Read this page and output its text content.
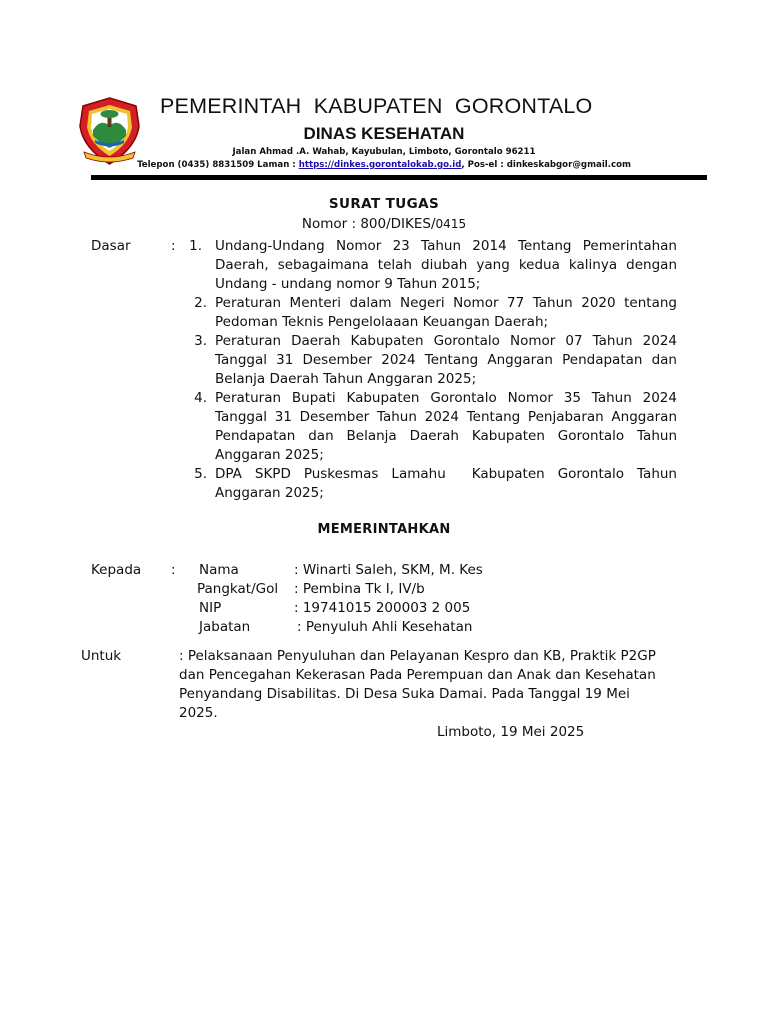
PEMERINTAH  KABUPATEN  GORONTALO
DINAS KESEHATAN
Jalan Ahmad .A. Wahab, Kayubulan, Limboto, Gorontalo 96211
Telepon (0435) 8831509 Laman : https://dinkes.gorontalokab.go.id, Pos-el : dinkeskabgor@gmail.com
SURAT TUGAS
Nomor : 800/DIKES/0415
Dasar	:	1. Undang-Undang Nomor 23 Tahun 2014 Tentang Pemerintahan
Daerah, sebagaimana telah diubah yang kedua kalinya dengan
Undang - undang nomor 9 Tahun 2015;
2. Peraturan Menteri dalam Negeri Nomor 77 Tahun 2020 tentang
Pedoman Teknis Pengelolaaan Keuangan Daerah;
3. Peraturan Daerah Kabupaten Gorontalo Nomor 07 Tahun 2024
Tanggal 31 Desember 2024 Tentang Anggaran Pendapatan dan
Belanja Daerah Tahun Anggaran 2025;
4. Peraturan Bupati Kabupaten Gorontalo Nomor 35 Tahun 2024
Tanggal 31 Desember Tahun 2024 Tentang Penjabaran Anggaran
Pendapatan dan Belanja Daerah Kabupaten Gorontalo Tahun
Anggaran 2025;
5. DPA SKPD Puskesmas Lamahu  Kabupaten Gorontalo Tahun
Anggaran 2025;
MEMERINTAHKAN
Kepada : Nama	: Winarti Saleh, SKM, M. Kes
Pangkat/Gol : Pembina Tk I, IV/b
NIP	: 19741015 200003 2 005
Jabatan	: Penyuluh Ahli Kesehatan
Untuk	: Pelaksanaan Penyuluhan dan Pelayanan Kespro dan KB, Praktik P2GP
dan Pencegahan Kekerasan Pada Perempuan dan Anak dan Kesehatan
Penyandang Disabilitas. Di Desa Suka Damai. Pada Tanggal 19 Mei
2025.
Limboto, 19 Mei 2025
